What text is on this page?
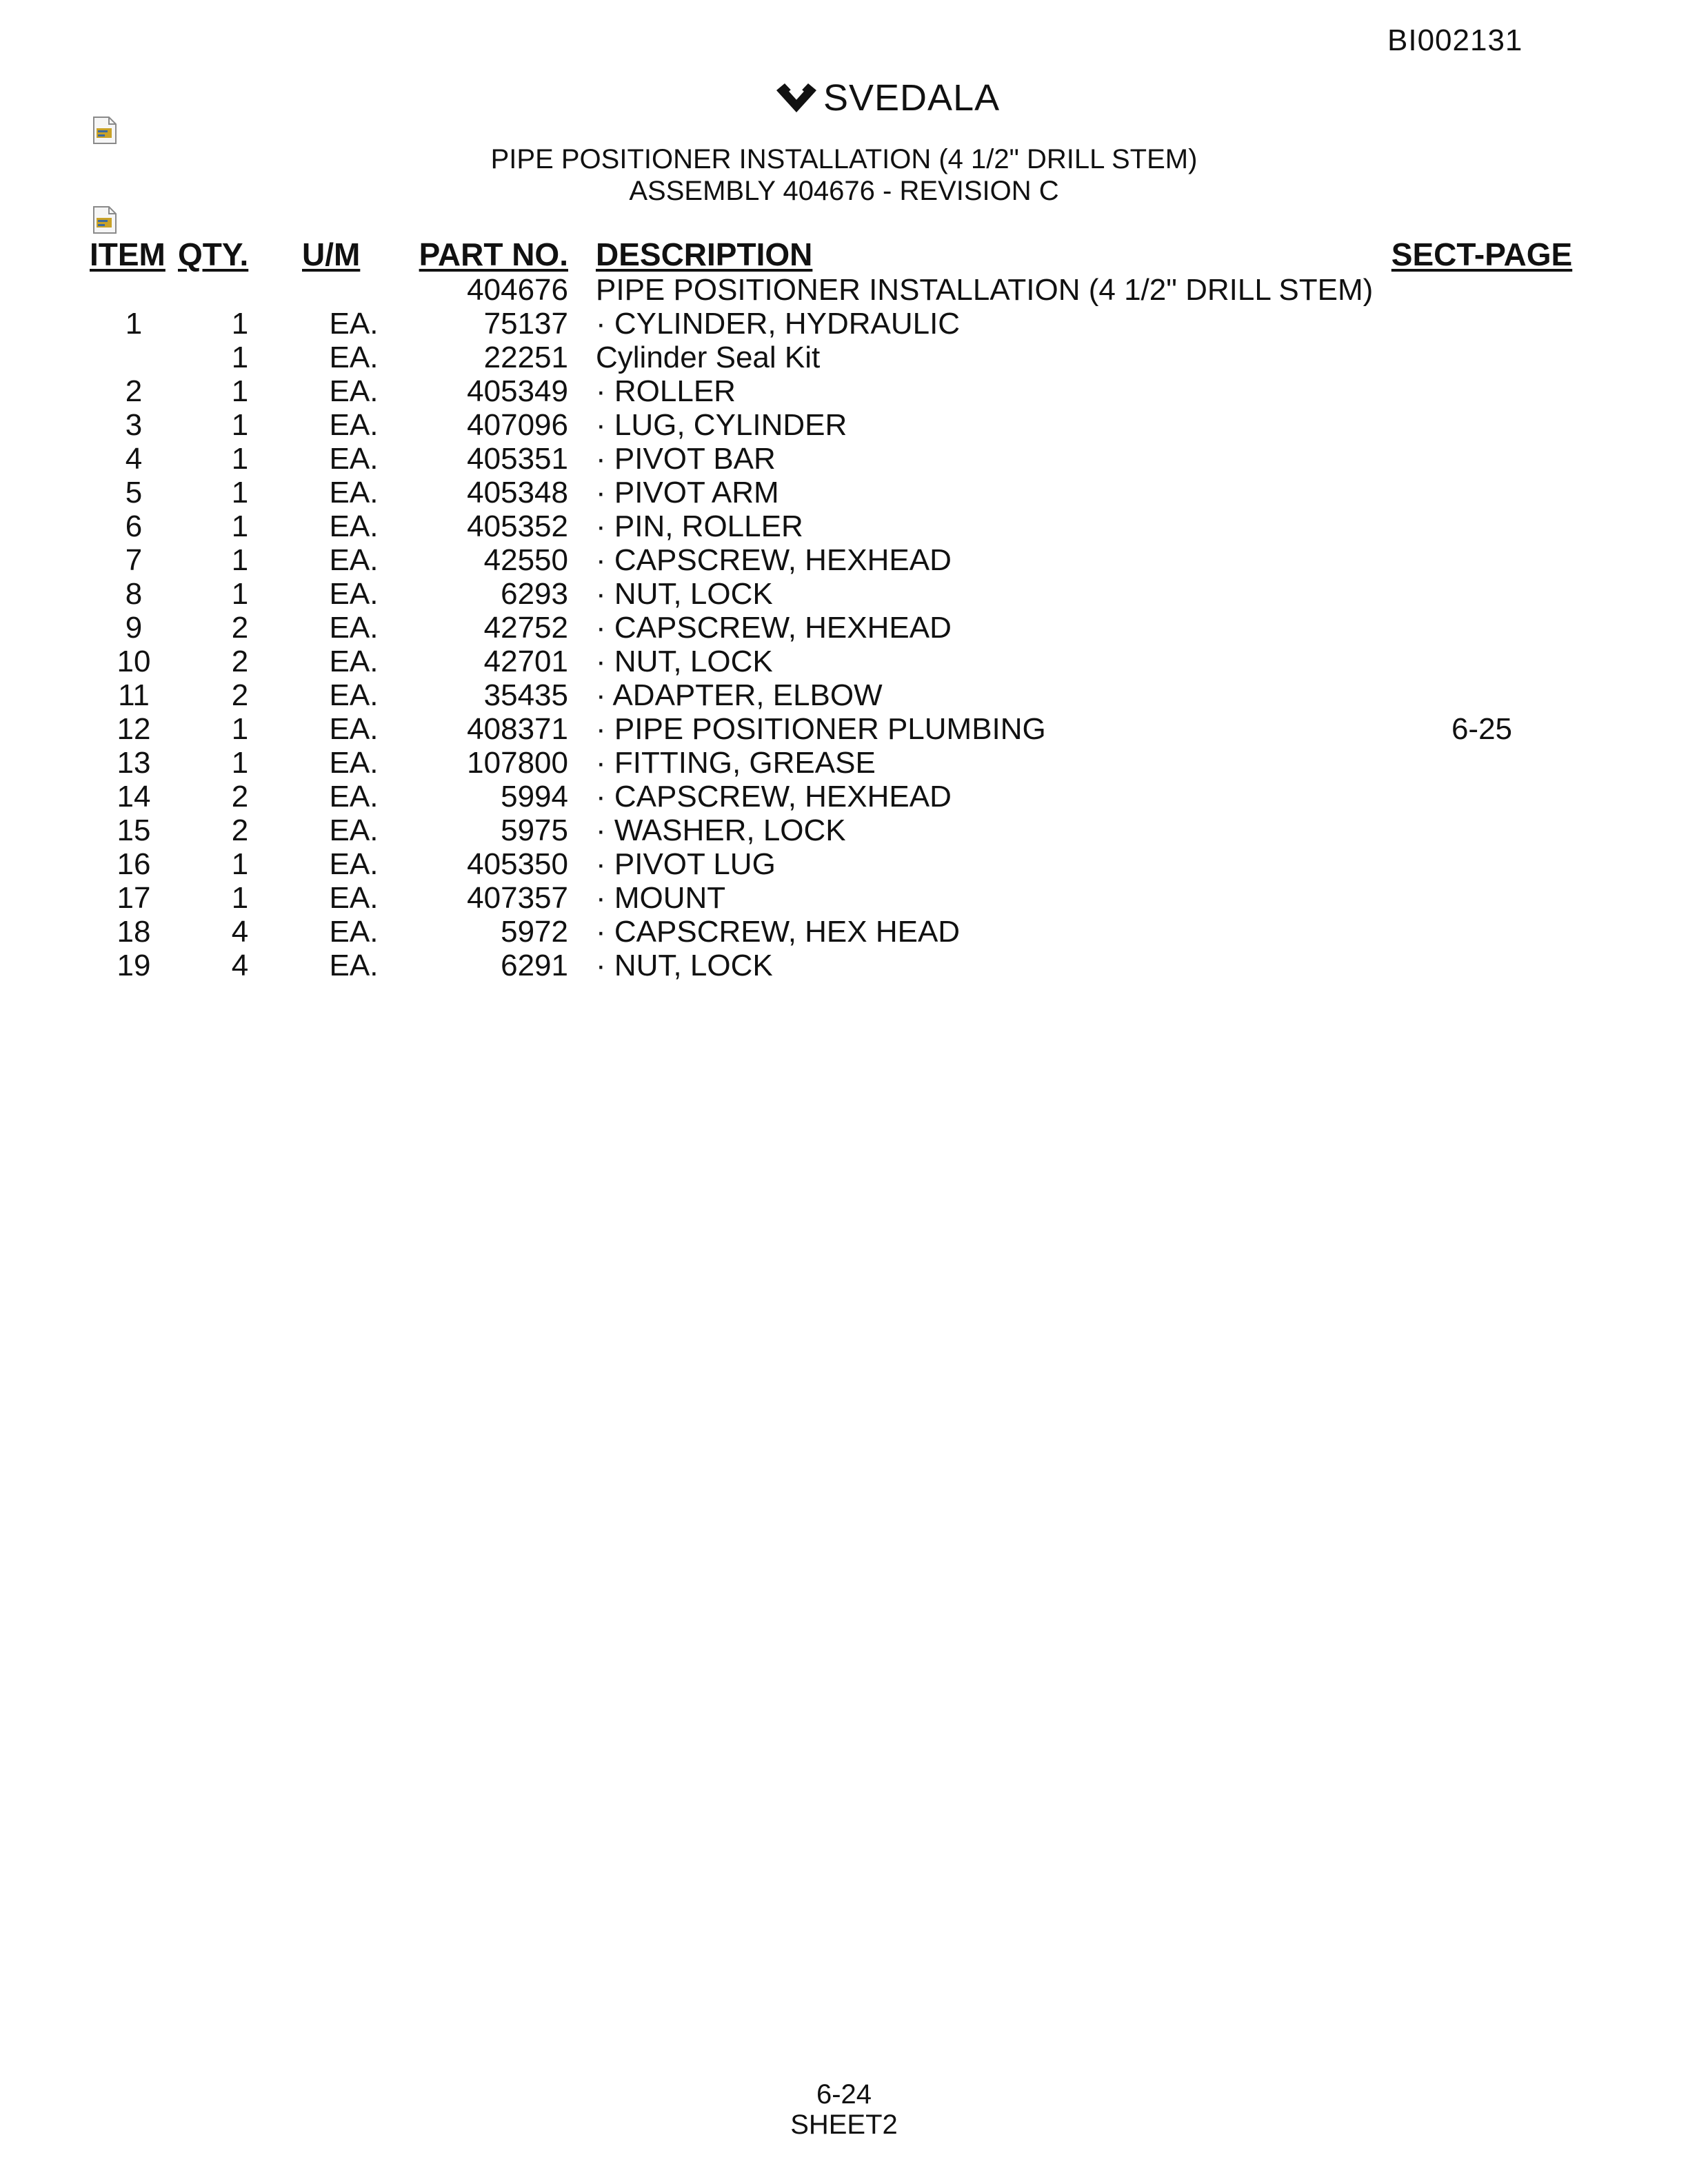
BI002131
SVEDALA
PIPE POSITIONER INSTALLATION (4 1/2" DRILL STEM)
ASSEMBLY 404676 - REVISION C
ITEM	QTY.	U/M	PART NO.	DESCRIPTION	SECT-PAGE
			404676	PIPE POSITIONER INSTALLATION (4 1/2" DRILL STEM)	
1	1	EA.	75137	· CYLINDER, HYDRAULIC	
	1	EA.	22251	Cylinder Seal Kit	
2	1	EA.	405349	· ROLLER	
3	1	EA.	407096	· LUG, CYLINDER	
4	1	EA.	405351	· PIVOT BAR	
5	1	EA.	405348	· PIVOT ARM	
6	1	EA.	405352	· PIN, ROLLER	
7	1	EA.	42550	· CAPSCREW, HEXHEAD	
8	1	EA.	6293	· NUT, LOCK	
9	2	EA.	42752	· CAPSCREW, HEXHEAD	
10	2	EA.	42701	· NUT, LOCK	
11	2	EA.	35435	· ADAPTER, ELBOW	
12	1	EA.	408371	· PIPE POSITIONER PLUMBING	6-25
13	1	EA.	107800	· FITTING, GREASE	
14	2	EA.	5994	· CAPSCREW, HEXHEAD	
15	2	EA.	5975	· WASHER, LOCK	
16	1	EA.	405350	· PIVOT LUG	
17	1	EA.	407357	· MOUNT	
18	4	EA.	5972	· CAPSCREW, HEX HEAD	
19	4	EA.	6291	· NUT, LOCK	
6-24
SHEET2
